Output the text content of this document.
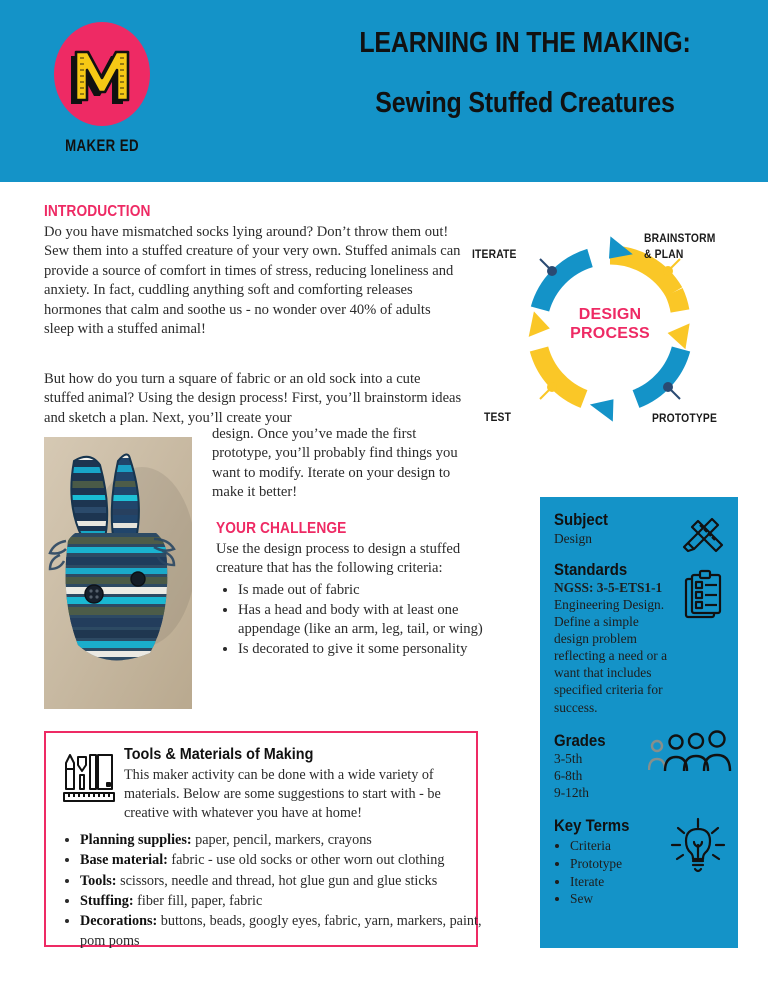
MAKER ED
LEARNING IN THE MAKING:
Sewing Stuffed Creatures
INTRODUCTION

Do you have mismatched socks lying around? Don’t throw them out! Sew them into a stuffed creature of your very own. Stuffed animals can provide a source of comfort in times of stress, reducing loneliness and anxiety. In fact, cuddling anything soft and comforting releases hormones that calm and soothe us - no wonder over 40% of adults sleep with a stuffed animal!

But how do you turn a square of fabric or an old sock into a cute stuffed animal? Using the design process! First, you’ll brainstorm ideas and sketch a plan. Next, you’ll create your

design. Once you’ve made the first prototype, you’ll probably find things you want to modify. Iterate on your design to make it better!
YOUR CHALLENGE
Use the design process to design a stuffed creature that has the following criteria:
• Is made out of fabric
• Has a head and body with at least one appendage (like an arm, leg, tail, or wing)
• Is decorated to give it some personality
DESIGN
PROCESS
BRAINSTORM
& PLAN
PROTOTYPE
TEST
ITERATE
Subject
Design
Standards
NGSS: 3-5-ETS1-1
Engineering Design. Define a simple design problem reflecting a need or a want that includes specified criteria for success.
Grades
3-5th
6-8th
9-12th
Key Terms
• Criteria
• Prototype
• Iterate
• Sew
Tools & Materials of Making
This maker activity can be done with a wide variety of materials. Below are some suggestions to start with - be creative with whatever you have at home!
• Planning supplies: paper, pencil, markers, crayons
• Base material: fabric - use old socks or other worn out clothing
• Tools: scissors, needle and thread, hot glue gun and glue sticks
• Stuffing: fiber fill, paper, fabric
• Decorations: buttons, beads, googly eyes, fabric, yarn, markers, paint, pom poms
